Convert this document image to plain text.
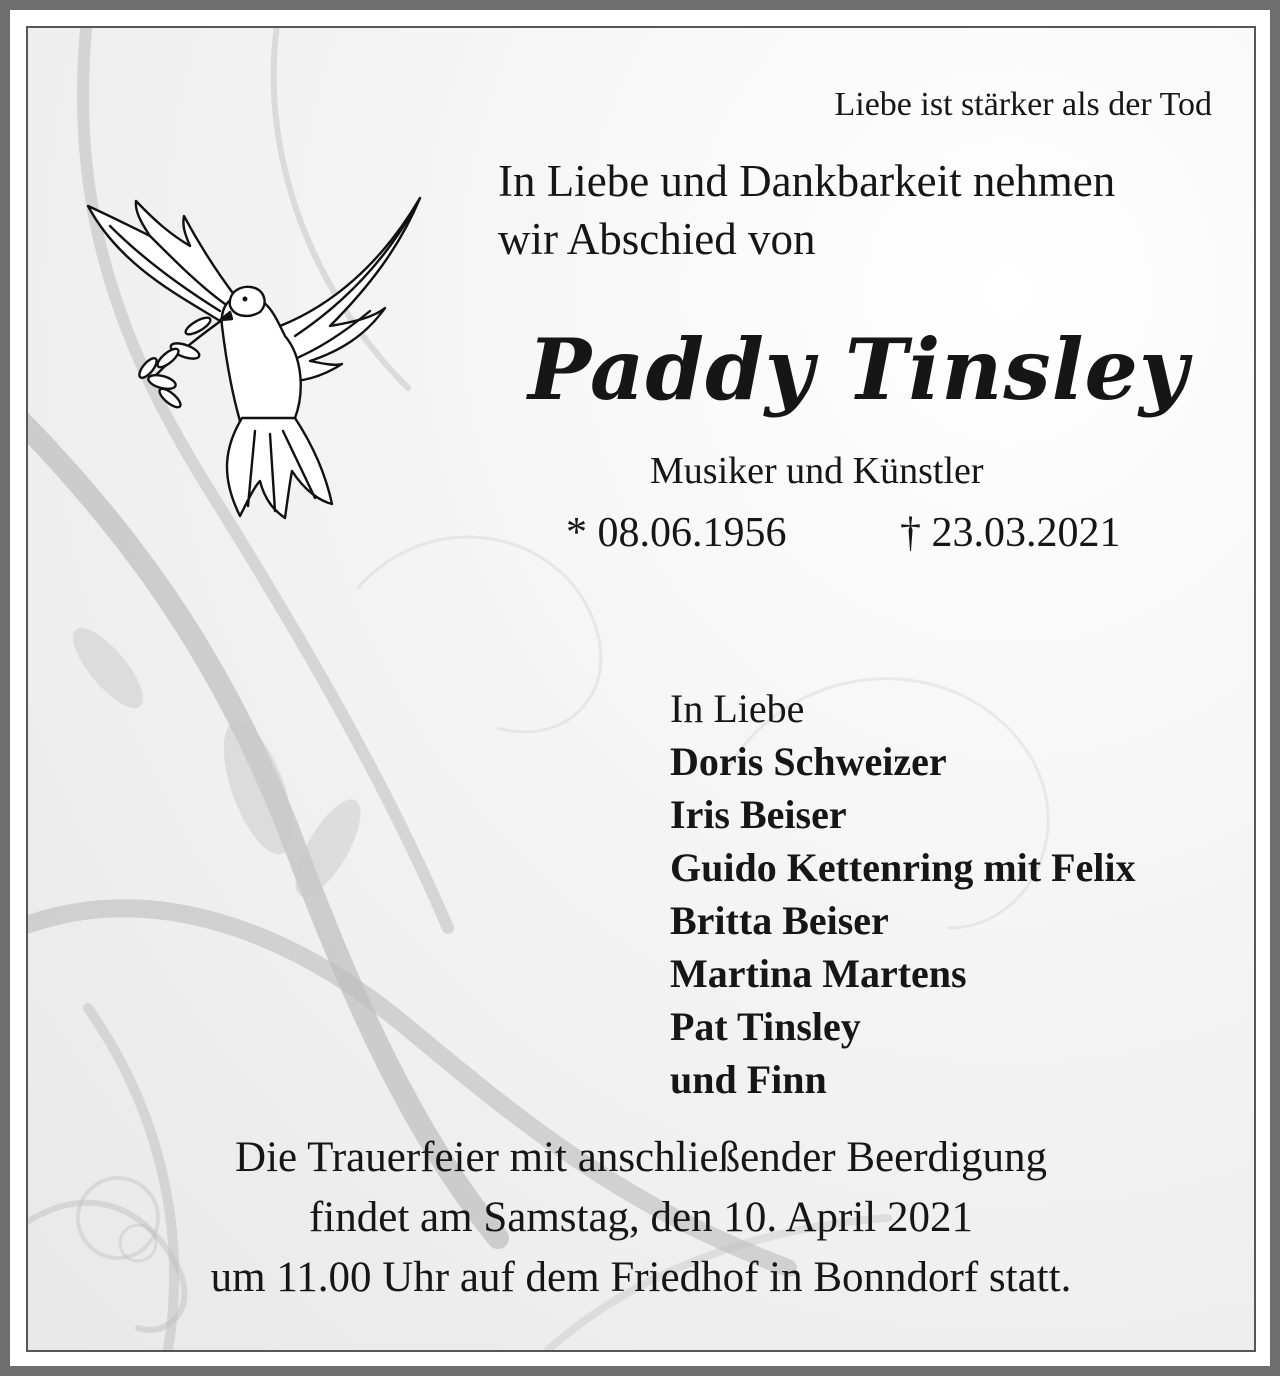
Liebe ist stärker als der Tod
In Liebe und Dankbarkeit nehmen
wir Abschied von
Paddy Tinsley
Musiker und Künstler
* 08.06.1956	† 23.03.2021
In Liebe
Doris Schweizer
Iris Beiser
Guido Kettenring mit Felix
Britta Beiser
Martina Martens
Pat Tinsley
und Finn
Die Trauerfeier mit anschließender Beerdigung
findet am Samstag, den 10. April 2021
um 11.00 Uhr auf dem Friedhof in Bonndorf statt.
